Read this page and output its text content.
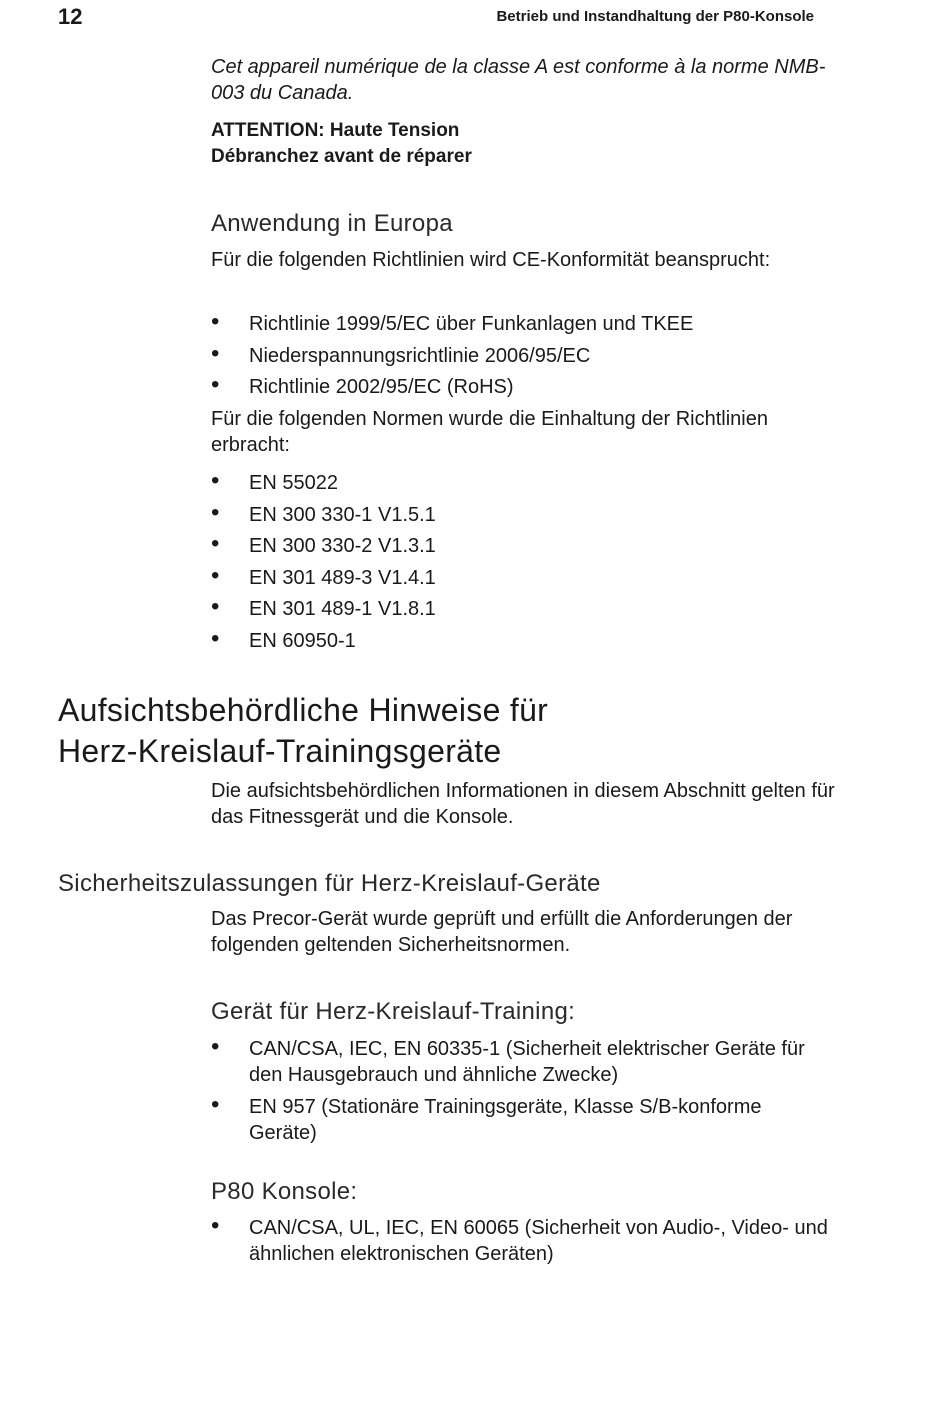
12	Betrieb und Instandhaltung der P80-Konsole

Cet appareil numérique de la classe A est conforme à la norme NMB-003 du Canada.

ATTENTION: Haute Tension

Débranchez avant de réparer

Anwendung in Europa

Für die folgenden Richtlinien wird CE-Konformität beansprucht:

• Richtlinie 1999/5/EC über Funkanlagen und TKEE
• Niederspannungsrichtlinie 2006/95/EC
• Richtlinie 2002/95/EC (RoHS)

Für die folgenden Normen wurde die Einhaltung der Richtlinien erbracht:

• EN 55022
• EN 300 330-1 V1.5.1
• EN 300 330-2 V1.3.1
• EN 301 489-3 V1.4.1
• EN 301 489-1 V1.8.1
• EN 60950-1
Aufsichtsbehördliche Hinweise für
Herz-Kreislauf-Trainingsgeräte

Die aufsichtsbehördlichen Informationen in diesem Abschnitt gelten für das Fitnessgerät und die Konsole.

Sicherheitszulassungen für Herz-Kreislauf-Geräte

Das Precor-Gerät wurde geprüft und erfüllt die Anforderungen der folgenden geltenden Sicherheitsnormen.

Gerät für Herz-Kreislauf-Training:
• CAN/CSA, IEC, EN 60335-1 (Sicherheit elektrischer Geräte für den Hausgebrauch und ähnliche Zwecke)
• EN 957 (Stationäre Trainingsgeräte, Klasse S/B-konforme Geräte)
P80 Konsole:
• CAN/CSA, UL, IEC, EN 60065 (Sicherheit von Audio-, Video- und ähnlichen elektronischen Geräten)
